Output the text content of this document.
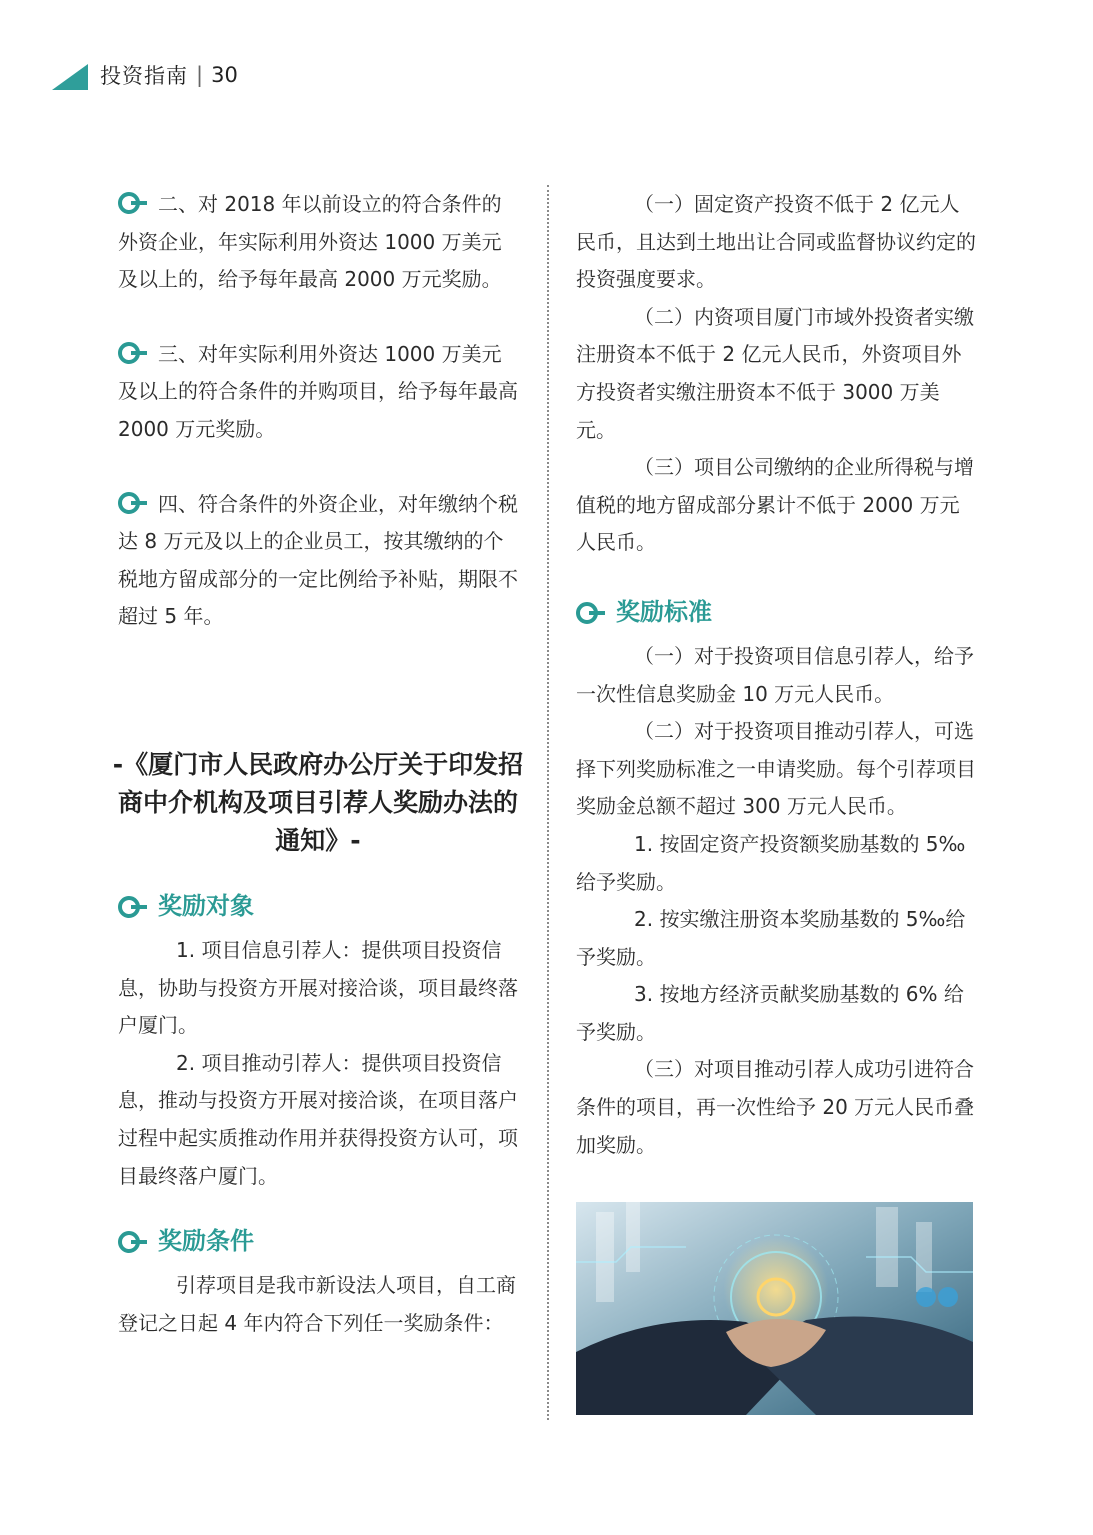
投资指南 | 30

二、对 2018 年以前设立的符合条件的外资企业，年实际利用外资达 1000 万美元及以上的，给予每年最高 2000 万元奖励。

三、对年实际利用外资达 1000 万美元及以上的符合条件的并购项目，给予每年最高 2000 万元奖励。

四、符合条件的外资企业，对年缴纳个税达 8 万元及以上的企业员工，按其缴纳的个税地方留成部分的一定比例给予补贴，期限不超过 5 年。

-《厦门市人民政府办公厅关于印发招商中介机构及项目引荐人奖励办法的通知》-

奖励对象

1. 项目信息引荐人：提供项目投资信息，协助与投资方开展对接洽谈，项目最终落户厦门。

2. 项目推动引荐人：提供项目投资信息，推动与投资方开展对接洽谈，在项目落户过程中起实质推动作用并获得投资方认可，项目最终落户厦门。

奖励条件

引荐项目是我市新设法人项目，自工商登记之日起 4 年内符合下列任一奖励条件：

（一）固定资产投资不低于 2 亿元人民币，且达到土地出让合同或监督协议约定的投资强度要求。

（二）内资项目厦门市域外投资者实缴注册资本不低于 2 亿元人民币，外资项目外方投资者实缴注册资本不低于 3000 万美元。

（三）项目公司缴纳的企业所得税与增值税的地方留成部分累计不低于 2000 万元人民币。

奖励标准

（一）对于投资项目信息引荐人，给予一次性信息奖励金 10 万元人民币。

（二）对于投资项目推动引荐人，可选择下列奖励标准之一申请奖励。每个引荐项目奖励金总额不超过 300 万元人民币。

1. 按固定资产投资额奖励基数的 5‰给予奖励。

2. 按实缴注册资本奖励基数的 5‰给予奖励。

3. 按地方经济贡献奖励基数的 6% 给予奖励。

（三）对项目推动引荐人成功引进符合条件的项目，再一次性给予 20 万元人民币叠加奖励。
